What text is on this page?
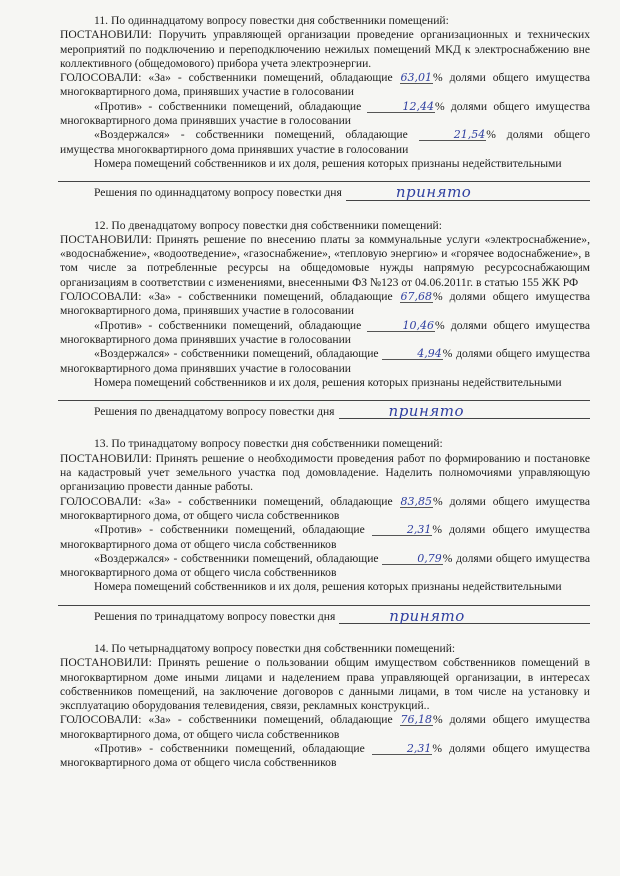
11. По одиннадцатому вопросу повестки дня собственники помещений:

ПОСТАНОВИЛИ: Поручить управляющей организации проведение организационных и технических мероприятий по подключению и переподключению нежилых помещений МКД к электроснабжению вне коллективного (общедомового) прибора учета электроэнергии.

ГОЛОСОВАЛИ: «За» - собственники помещений, обладающие 63,01% долями общего имущества многоквартирного дома, принявших участие в голосовании

«Против» - собственники помещений, обладающие	12,44% долями общего имущества многоквартирного дома принявших участие в голосовании

«Воздержался» - собственники помещений, обладающие	21,54% долями общего имущества многоквартирного дома принявших участие в голосовании

Номера помещений собственников и их доля, решения которых признаны недействительными

Решения по одиннадцатому вопросу повестки дня	принято

12. По двенадцатому вопросу повестки дня собственники помещений:

ПОСТАНОВИЛИ: Принять решение по внесению платы за коммунальные услуги «электроснабжение», «водоснабжение», «водоотведение», «газоснабжение», «тепловую энергию» и «горячее водоснабжение», в том числе за потребленные ресурсы на общедомовые нужды напрямую ресурсоснабжающим организациям в соответствии с изменениями, внесенными ФЗ №123 от 04.06.2011г. в статью 155 ЖК РФ

ГОЛОСОВАЛИ: «За» - собственники помещений, обладающие 67,68% долями общего имущества многоквартирного дома, принявших участие в голосовании

«Против» - собственники помещений, обладающие	10,46% долями общего имущества многоквартирного дома принявших участие в голосовании

«Воздержался» - собственники помещений, обладающие	4,94% долями общего имущества многоквартирного дома принявших участие в голосовании

Номера помещений собственников и их доля, решения которых признаны недействительными

Решения по двенадцатому вопросу повестки дня	принято

13. По тринадцатому вопросу повестки дня собственники помещений:

ПОСТАНОВИЛИ: Принять решение о необходимости проведения работ по формированию и постановке на кадастровый учет земельного участка под домовладение. Наделить полномочиями управляющую организацию провести данные работы.

ГОЛОСОВАЛИ: «За» - собственники помещений, обладающие 83,85% долями общего имущества многоквартирного дома, от общего числа собственников

«Против» - собственники помещений, обладающие	2,31% долями общего имущества многоквартирного дома от общего числа собственников

«Воздержался» - собственники помещений, обладающие	0,79% долями общего имущества многоквартирного дома от общего числа собственников

Номера помещений собственников и их доля, решения которых признаны недействительными

Решения по тринадцатому вопросу повестки дня	принято

14. По четырнадцатому вопросу повестки дня собственники помещений:

ПОСТАНОВИЛИ: Принять решение о пользовании общим имуществом собственников помещений в многоквартирном доме иными лицами и наделением права управляющей организации, в интересах собственников помещений, на заключение договоров с данными лицами, в том числе на установку и эксплуатацию оборудования телевидения, связи, рекламных конструкций..

ГОЛОСОВАЛИ: «За» - собственники помещений, обладающие 76,18% долями общего имущества многоквартирного дома, от общего числа собственников

«Против» - собственники помещений, обладающие	2,31% долями общего имущества многоквартирного дома от общего числа собственников
